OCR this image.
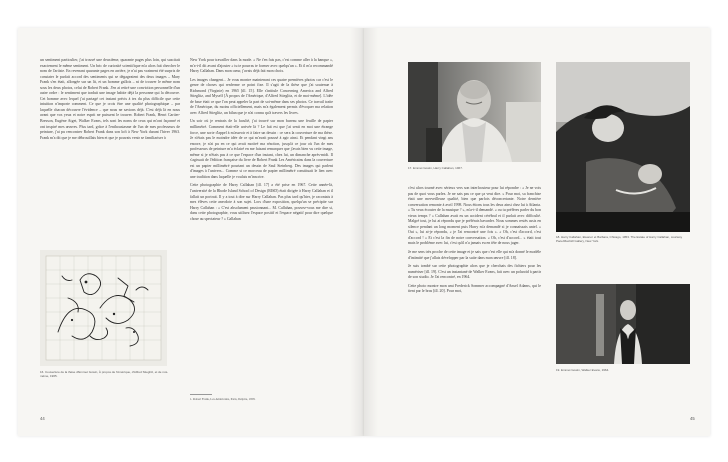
un sentiment particulier, j'ai trouvé une deuxième, quarante pages plus loin, qui suscitait exactement le même sentiment. Un bric de curiosité scientifique m'a alors fait chercher le nom de l'artiste. En revenant quarante pages en arrière, je n'ai pas vraiment été surpris de constater le parfait accord des sentiments qui se dégageaient des deux images – Mary Frank s'en était, allongée sur un lit, et un homme gallois – ni de trouver le même nom sous les deux photos, celui de Robert Frank. J'en ai retiré une conviction personnelle d'un autre ordre : le sentiment que traduit une image habite déjà la personne qui la découvre. Cet homme avec lequel j'ai partagé cet instant précis à tes du plus difficile que cette intuition n'importe comment. Ce que je crois être une qualité photographique – par laquelle chacun découvre l'évidence – que nous ne savions déjà. C'est déjà là en nous avant que vos yeux et notre esprit ne puissent le trouver. Robert Frank, Henri Cartier-Bresson, Eugène Atget, Walker Evans, tels sont les noms de ceux qui m'ont façonné et ont inspiré mes œuvres. Plus tard, grâce à l'enthousiasme de l'un de mes professeurs de peinture, j'ai pu rencontrer Robert Frank dans son loft à New York durant l'hiver 1963. Frank m'a dit que je me débrouillais bien et que je pouvais venir se familiariser à

16. Couverture de la thèse d'Emmet Gowin, À propos de l'Amérique, d'Alfred Stieglitz, et de moi-même, 1965.

New York pour travailler dans la mode. « Ne t'en fais pas, c'est comme aller à la banque », m'a-t-il dit avant d'ajouter « tu te pourras te former avec quelqu'un ». Et il m'a recommandé Harry Callahan. Dans mon cœur, j'avais déjà fait mon choix.

Les images changent... Je vous montre maintenant ces quatre premières photos car c'est le genre de choses qui renferme ce point fixe. Il s'agit de la thèse que j'ai soutenue à Richmond (Virginie) en 1965 [ill. 15]. Elle s'intitule Concerning America and Alfred Stieglitz, and Myself [À propos de l'Amérique, d'Alfred Stieglitz, et de moi-même]. L'idée de base était ce que l'on peut appeler la part de soi-même dans ses photos. Ce travail traite de l'Amérique, du moins officiellement, mais m'a également permis d'évoquer ma relation avec Alfred Stieglitz, un bilan que je n'ai connu qu'à travers les livres.

Un soir où je rentrais de la faculté, j'ai trouvé sur mon bureau une feuille de papier millimétré. Comment était-elle arrivée là ? Le fait est que j'ai senti en moi une étrange force, une sorte d'appel à m'asseoir et à faire un dessin : ce sera la couverture de ma thèse. Je n'étais pas le moindre idée de ce qui m'avait poussé à agir ainsi. Et pendant vingt ans encore, je n'ai pu en ce qui avait motivé ma réaction, jusqu'à ce jour où l'un de mes professeurs de peinture m'a éclairé en me faisant remarquer que j'avais bien vu cette image, même si je n'étais pas à ce que l'espace d'un instant, chez lui, un dimanche après-midi. Il s'agissait de l'édition française du livre de Robert Frank Les Américains dans la couverture est un papier millimétré pourtant un dessin de Saul Steinberg. Des images qui parlent d'images à l'univers... Comme si ce morceau de papier millimétré constituait le lien avec une tradition dans laquelle je voulais m'inscrire.

Cette photographie de Harry Callahan [ill. 17] a été prise en 1967. Cette année-là, l'université de la Rhode Island School of Design (RISD) était dirigée à Harry Callahan et il fallait un portrait. Il y a tout à dire sur Harry Callahan. Pas plus tard qu'hier, je racontais à mes élèves cette anecdote à son sujet. Lors d'une exposition, quelqu'un se précipite sur Harry Callahan : « C'est absolument passionnant... M. Callahan, pouvez-vous me dire si, dans cette photographie, vous utilisez l'espace positif et l'espace négatif pour dire quelque chose au spectateur ? » Callahan

1. Robert Frank, Les Américains, Paris, Delpire, 1958.
44
17. Emmet Gowin, Harry Callahan, 1967.
18. Harry Callahan, Eleanor et Barbara, Chicago, 1953. The Estate of Harry Callahan, courtesy Pace/MacGill Gallery, New York.

c'est alors tourné avec sérieux vers son interlocuteur pour lui répondre : « Je ne vois pas de quoi vous parlez. Je ne sais pas ce que ça veut dire. » Pour moi, sa franchise était une merveilleuse qualité, bien que parfois déconcertante. Notre dernière conversation remonte à avril 1998. Nous étions tous les deux ainsi chez lui à Atlanta. « Tu veux écouter de la musique ? », m'a-t-il demandé. « ou tu préfères parler du bon vieux temps ? » Callahan avait eu un accident cérébral et il parlait avec difficulté. Malgré tout, je lui ai répondu que je préférais bavarder. Nous sommes restés assis en silence pendant un long moment puis Harry m'a demandé si je connaissais untel. « Oui », lui ai-je répondu, « je l'ai rencontré une fois ». « Oh, c'est d'accord, c'est d'accord ! » Et c'est la fin de notre conversation. « Oh, c'est d'accord... » était tout mais le problème avec lui, c'est qu'il n'a jamais eu en tête de nous juger.

Je me sens très proche de cette image et je sais que c'est elle qui m'a donné le modèle d'intimité que j'allais développer par la suite dans mon œuvre [ill. 18].

Je suis tombé sur cette photographie alors que je cherchais des fichiers pour les numériser [ill. 19]. C'est un instantané de Walker Evans, fait avec un polaroïd à partir de son studio. Je l'ai rencontré, en 1964.

Cette photo montre mon ami Frederick Sommer accompagné d'Ansel Adams, qui le tient par le bras [ill. 20]. Pour moi,

19. Emmet Gowin, Walker Evans, 1964.
45
